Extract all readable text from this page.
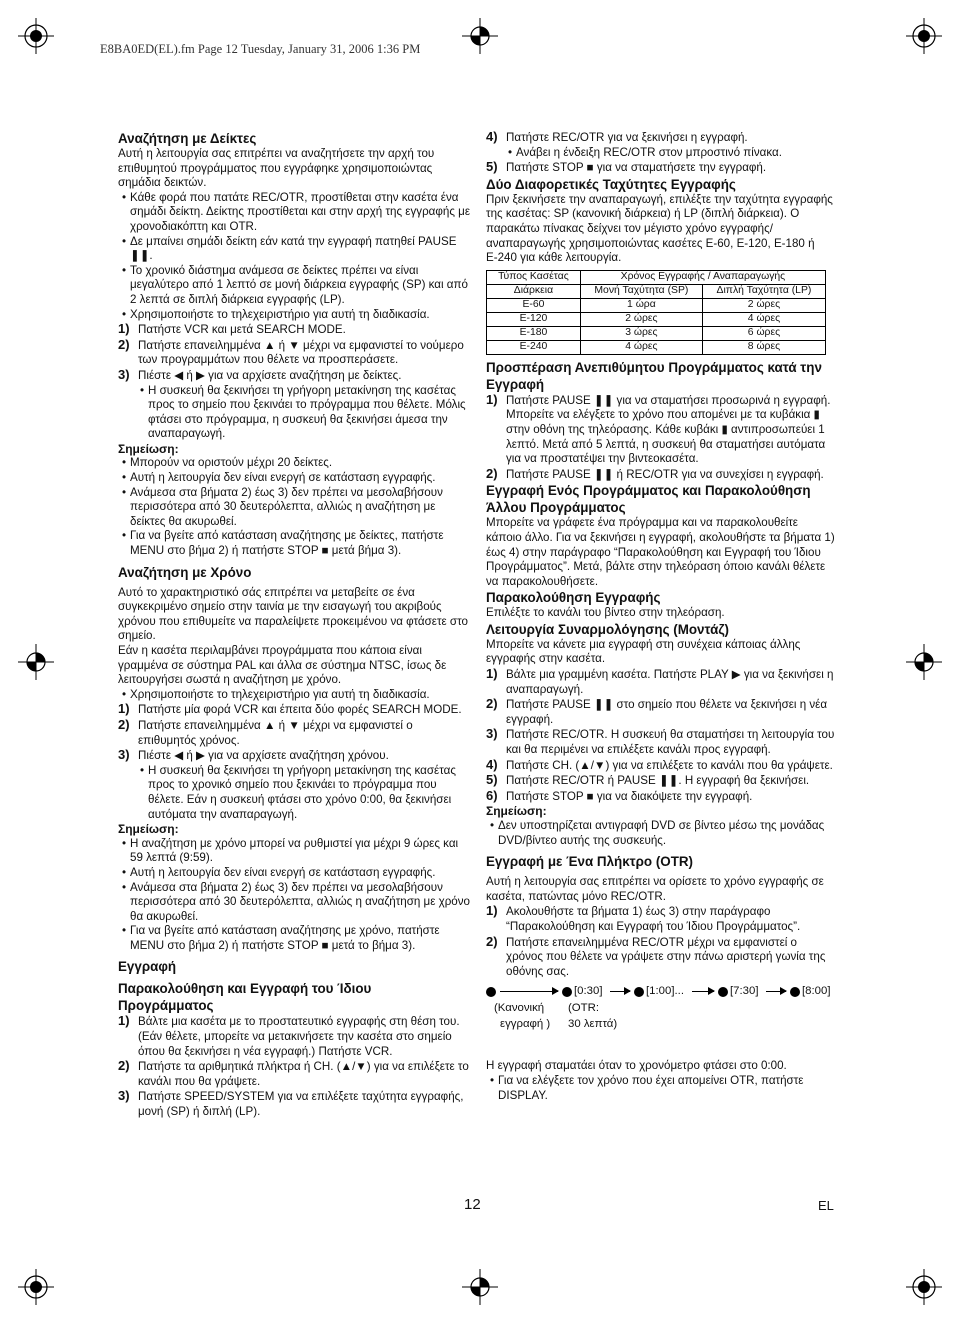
E8BA0ED(EL).fm Page 12 Tuesday, January 31, 2006 1:36 PM

Αναζήτηση με Δείκτες

Αυτή η λειτουργία σας επιτρέπει να αναζητήσετε την αρχή του επιθυμητού προγράμματος που εγγράφηκε χρησιμοποιώντας σημάδια δεικτών.

• Κάθε φορά που πατάτε REC/OTR, προστίθεται στην κασέτα ένα σημάδι δείκτη. Δείκτης προστίθεται και στην αρχή της εγγραφής με χρονοδιακόπτη και OTR.

• Δε μπαίνει σημάδι δείκτη εάν κατά την εγγραφή πατηθεί PAUSE ❚❚.

• Το χρονικό διάστημα ανάμεσα σε δείκτες πρέπει να είναι μεγαλύτερο από 1 λεπτό σε μονή διάρκεια εγγραφής (SP) και από 2 λεπτά σε διπλή διάρκεια εγγραφής (LP).

• Χρησιμοποιήστε το τηλεχειριστήριο για αυτή τη διαδικασία.

1) Πατήστε VCR και μετά SEARCH MODE.

2) Πατήστε επανειλημμένα ▲ ή ▼ μέχρι να εμφανιστεί το νούμερο των προγραμμάτων που θέλετε να προσπεράσετε.

3) Πιέστε ◀ ή ▶ για να αρχίσετε αναζήτηση με δείκτες.

• Η συσκευή θα ξεκινήσει τη γρήγορη μετακίνηση της κασέτας προς το σημείο που ξεκινάει το πρόγραμμα που θέλετε. Μόλις φτάσει στο πρόγραμμα, η συσκευή θα ξεκινήσει άμεσα την αναπαραγωγή.

Σημείωση:

• Μπορούν να οριστούν μέχρι 20 δείκτες.

• Αυτή η λειτουργία δεν είναι ενεργή σε κατάσταση εγγραφής.

• Ανάμεσα στα βήματα 2) έως 3) δεν πρέπει να μεσολαβήσουν περισσότερα από 30 δευτερόλεπτα, αλλιώς η αναζήτηση με δείκτες θα ακυρωθεί.

• Για να βγείτε από κατάσταση αναζήτησης με δείκτες, πατήστε MENU στο βήμα 2) ή πατήστε STOP ■ μετά βήμα 3).

Αναζήτηση με Χρόνο

Αυτό το χαρακτηριστικό σάς επιτρέπει να μεταβείτε σε ένα συγκεκριμένο σημείο στην ταινία με την εισαγωγή του ακριβούς χρόνου που επιθυμείτε να παραλείψετε προκειμένου να φτάσετε στο σημείο.

Εάν η κασέτα περιλαμβάνει προγράμματα που κάποια είναι γραμμένα σε σύστημα PAL και άλλα σε σύστημα NTSC, ίσως δε λειτουργήσει σωστά η αναζήτηση με χρόνο.

• Χρησιμοποιήστε το τηλεχειριστήριο για αυτή τη διαδικασία.

1) Πατήστε μία φορά VCR και έπειτα δύο φορές SEARCH MODE.

2) Πατήστε επανειλημμένα ▲ ή ▼ μέχρι να εμφανιστεί ο επιθυμητός χρόνος.

3) Πιέστε ◀ ή ▶ για να αρχίσετε αναζήτηση χρόνου.

• Η συσκευή θα ξεκινήσει τη γρήγορη μετακίνηση της κασέτας προς το χρονικό σημείο που ξεκινάει το πρόγραμμα που θέλετε. Εάν η συσκευή φτάσει στο χρόνο 0:00, θα ξεκινήσει αυτόματα την αναπαραγωγή.

Σημείωση:

• Η αναζήτηση με χρόνο μπορεί να ρυθμιστεί για μέχρι 9 ώρες και 59 λεπτά (9:59).

• Αυτή η λειτουργία δεν είναι ενεργή σε κατάσταση εγγραφής.

• Ανάμεσα στα βήματα 2) έως 3) δεν πρέπει να μεσολαβήσουν περισσότερα από 30 δευτερόλεπτα, αλλιώς η αναζήτηση με χρόνο θα ακυρωθεί.

• Για να βγείτε από κατάσταση αναζήτησης με χρόνο, πατήστε MENU στο βήμα 2) ή πατήστε STOP ■ μετά το βήμα 3).

Εγγραφή

Παρακολούθηση και Εγγραφή του Ίδιου Προγράμματος

1) Βάλτε μια κασέτα με το προστατευτικό εγγραφής στη θέση του. (Εάν θέλετε, μπορείτε να μετακινήσετε την κασέτα στο σημείο όπου θα ξεκινήσει η νέα εγγραφή.) Πατήστε VCR.

2) Πατήστε τα αριθμητικά πλήκτρα ή CH. (▲/▼) για να επιλέξετε το κανάλι που θα γράψετε.

3) Πατήστε SPEED/SYSTEM για να επιλέξετε ταχύτητα εγγραφής, μονή (SP) ή διπλή (LP).

4) Πατήστε REC/OTR για να ξεκινήσει η εγγραφή.

• Ανάβει η ένδειξη REC/OTR στον μπροστινό πίνακα.

5) Πατήστε STOP ■ για να σταματήσετε την εγγραφή.

Δύο Διαφορετικές Ταχύτητες Εγγραφής

Πριν ξεκινήσετε την αναπαραγωγή, επιλέξτε την ταχύτητα εγγραφής της κασέτας: SP (κανονική διάρκεια) ή LP (διπλή διάρκεια). Ο παρακάτω πίνακας δείχνει τον μέγιστο χρόνο εγγραφής/αναπαραγωγής χρησιμοποιώντας κασέτες Ε-60, Ε-120, Ε-180 ή Ε-240 για κάθε λειτουργία.

Τύπος Κασέτας	Χρόνος Εγγραφής / Αναπαραγωγής	
Διάρκεια	Μονή Ταχύτητα (SP)	Διπλή Ταχύτητα (LP)
Ε-60	1 ώρα	2 ώρες
Ε-120	2 ώρες	4 ώρες
Ε-180	3 ώρες	6 ώρες
Ε-240	4 ώρες	8 ώρες

Προσπέραση Ανεπιθύμητου Προγράμματος κατά την Εγγραφή

1) Πατήστε PAUSE ❚❚ για να σταματήσει προσωρινά η εγγραφή.

Μπορείτε να ελέγξετε το χρόνο που απομένει με τα κυβάκια ▮ στην οθόνη της τηλεόρασης. Κάθε κυβάκι ▮ αντιπροσωπεύει 1 λεπτό. Μετά από 5 λεπτά, η συσκευή θα σταματήσει αυτόματα για να προστατέψει την βιντεοκασέτα.

2) Πατήστε PAUSE ❚❚ ή REC/OTR για να συνεχίσει η εγγραφή.

Εγγραφή Ενός Προγράμματος και Παρακολούθηση Άλλου Προγράμματος

Μπορείτε να γράφετε ένα πρόγραμμα και να παρακολουθείτε κάποιο άλλο. Για να ξεκινήσει η εγγραφή, ακολουθήστε τα βήματα 1) έως 4) στην παράγραφο “Παρακολούθηση και Εγγραφή του Ίδιου Προγράμματος”. Μετά, βάλτε στην τηλεόραση όποιο κανάλι θέλετε να παρακολουθήσετε.

Παρακολούθηση Εγγραφής

Επιλέξτε το κανάλι του βίντεο στην τηλεόραση.

Λειτουργία Συναρμολόγησης (Μοντάζ)

Μπορείτε να κάνετε μια εγγραφή στη συνέχεια κάποιας άλλης εγγραφής στην κασέτα.

1) Βάλτε μια γραμμένη κασέτα. Πατήστε PLAY ▶ για να ξεκινήσει η αναπαραγωγή.

2) Πατήστε PAUSE ❚❚ στο σημείο που θέλετε να ξεκινήσει η νέα εγγραφή.

3) Πατήστε REC/OTR. Η συσκευή θα σταματήσει τη λειτουργία του και θα περιμένει να επιλέξετε κανάλι προς εγγραφή.

4) Πατήστε CH. (▲/▼) για να επιλέξετε το κανάλι που θα γράψετε.

5) Πατήστε REC/OTR ή PAUSE ❚❚. Η εγγραφή θα ξεκινήσει.

6) Πατήστε STOP ■ για να διακόψετε την εγγραφή.

Σημείωση:

• Δεν υποστηρίζεται αντιγραφή DVD σε βίντεο μέσω της μονάδας DVD/βίντεο αυτής της συσκευής.

Εγγραφή με Ένα Πλήκτρο (OTR)

Αυτή η λειτουργία σας επιτρέπει να ορίσετε το χρόνο εγγραφής σε κασέτα, πατώντας μόνο REC/OTR.

1) Ακολουθήστε τα βήματα 1) έως 3) στην παράγραφο “Παρακολούθηση και Εγγραφή του Ίδιου Προγράμματος”.

2) Πατήστε επανειλημμένα REC/OTR μέχρι να εμφανιστεί ο χρόνος που θέλετε να γράψετε στην πάνω αριστερή γωνία της οθόνης σας.

[0:30]	[1:00]...	[7:30]	[8:00]
(Κανονική
εγγραφή )
(OTR:
30 λεπτά)

Η εγγραφή σταματάει όταν το χρονόμετρο φτάσει στο 0:00.

• Για να ελέγξετε τον χρόνο που έχει απομείνει OTR, πατήστε DISPLAY.

12	EL
